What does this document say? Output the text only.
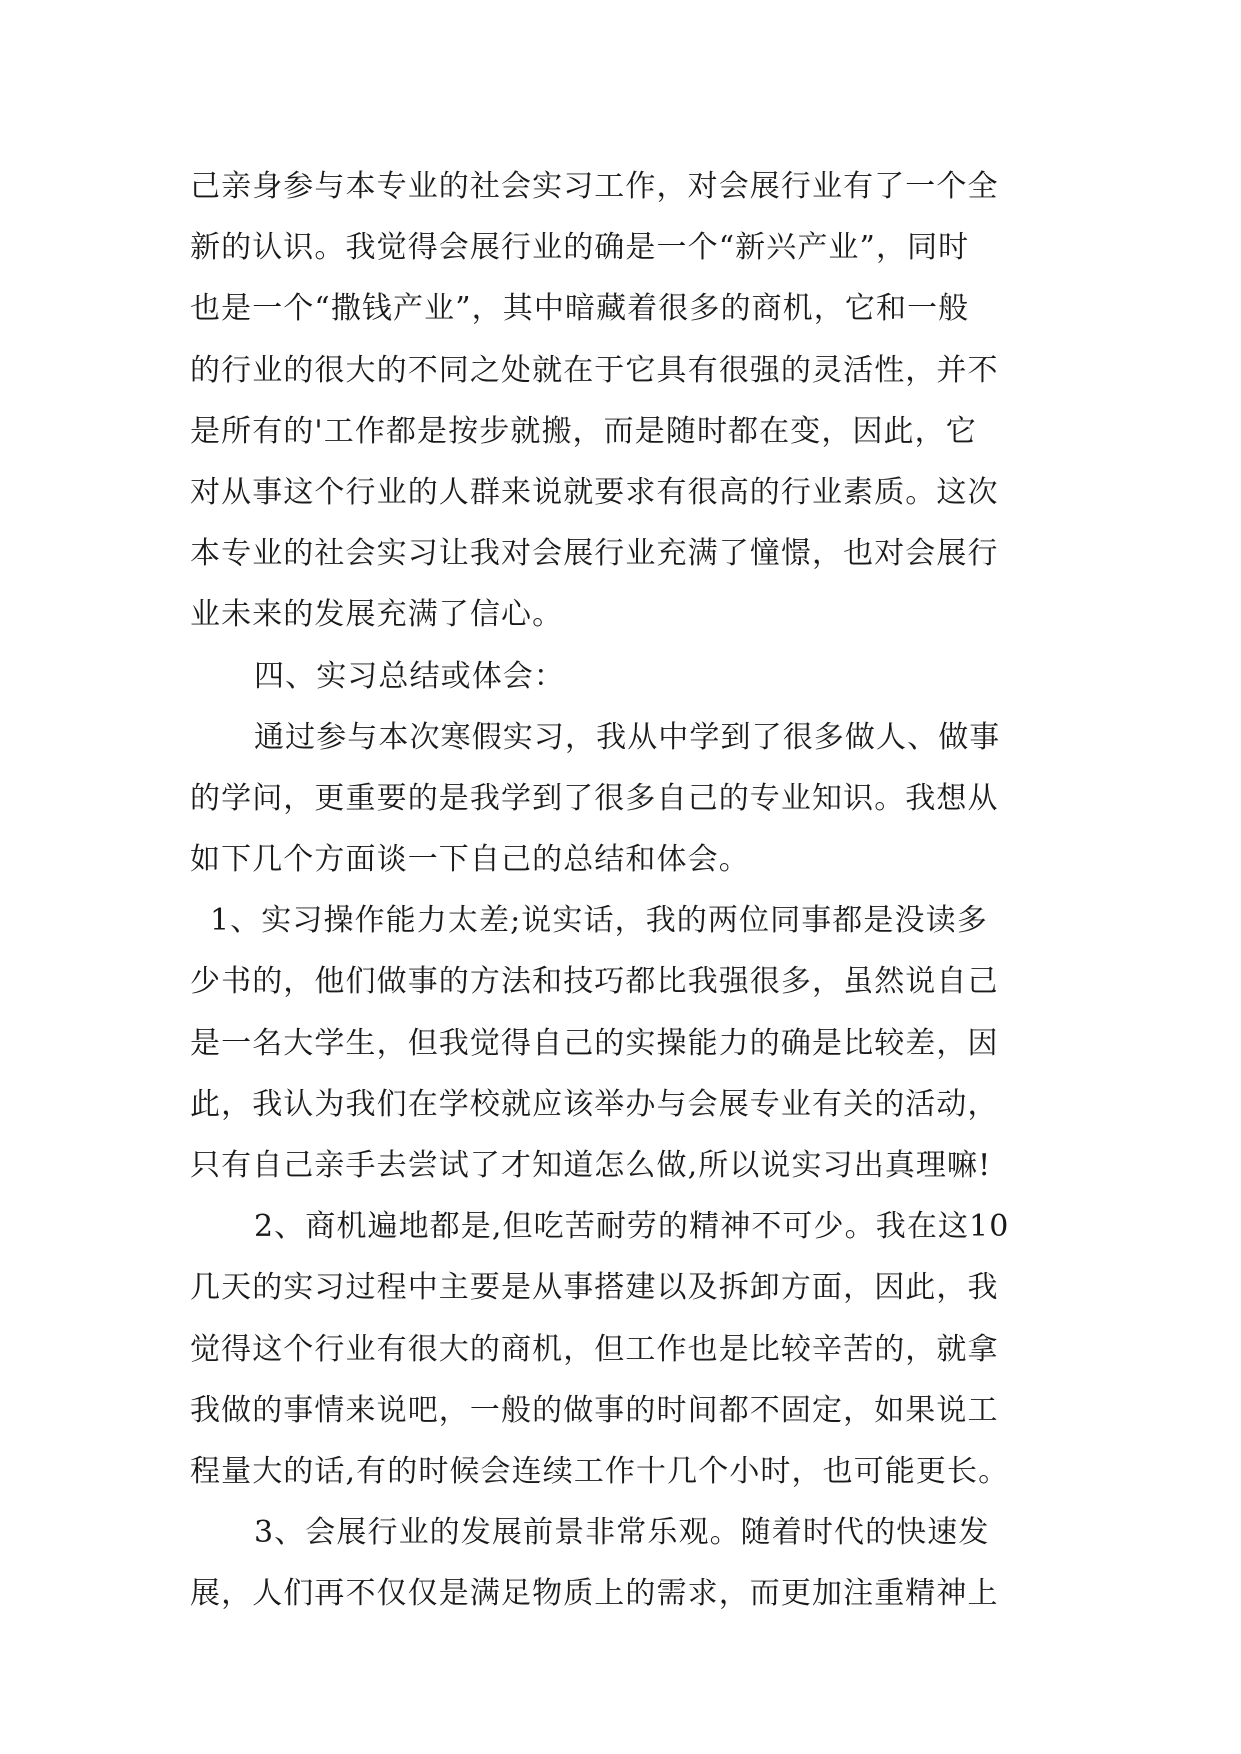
己亲身参与本专业的社会实习工作，对会展行业有了一个全
新的认识。我觉得会展行业的确是一个“新兴产业”，同时
也是一个“撒钱产业”，其中暗藏着很多的商机，它和一般
的行业的很大的不同之处就在于它具有很强的灵活性，并不
是所有的'工作都是按步就搬，而是随时都在变，因此，它
对从事这个行业的人群来说就要求有很高的行业素质。这次
本专业的社会实习让我对会展行业充满了憧憬，也对会展行
业未来的发展充满了信心。
四、实习总结或体会：
通过参与本次寒假实习，我从中学到了很多做人、做事
的学问，更重要的是我学到了很多自己的专业知识。我想从
如下几个方面谈一下自己的总结和体会。
1、实习操作能力太差;说实话，我的两位同事都是没读多
少书的，他们做事的方法和技巧都比我强很多，虽然说自己
是一名大学生，但我觉得自己的实操能力的确是比较差，因
此，我认为我们在学校就应该举办与会展专业有关的活动，
只有自己亲手去尝试了才知道怎么做,所以说实习出真理嘛!
2、商机遍地都是,但吃苦耐劳的精神不可少。我在这10
几天的实习过程中主要是从事搭建以及拆卸方面，因此，我
觉得这个行业有很大的商机，但工作也是比较辛苦的，就拿
我做的事情来说吧，一般的做事的时间都不固定，如果说工
程量大的话,有的时候会连续工作十几个小时，也可能更长。
3、会展行业的发展前景非常乐观。随着时代的快速发
展，人们再不仅仅是满足物质上的需求，而更加注重精神上
